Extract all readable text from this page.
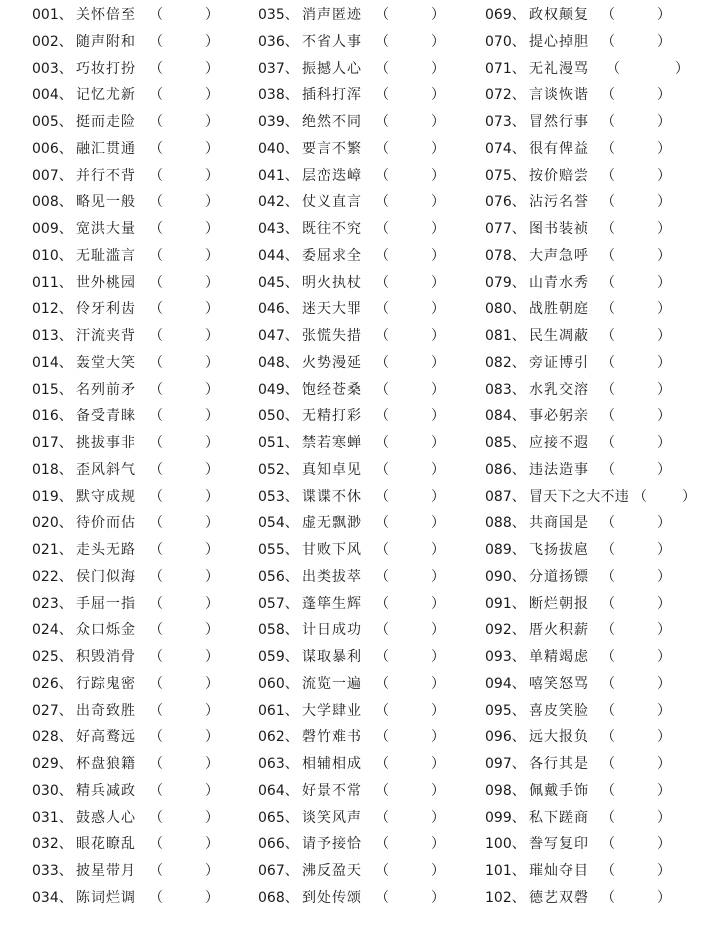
001、 关怀倍至 （	）
002、 随声附和 （	）
003、 巧妆打扮 （	）
004、 记忆尤新 （	）
005、 挺而走险 （	）
006、 融汇贯通 （	）
007、 并行不背 （	）
008、 略见一般 （	）
009、 宽洪大量 （	）
010、 无耻滥言 （	）
011、 世外桃园 （	）
012、 伶牙利齿 （	）
013、 汗流夹背 （	）
014、 轰堂大笑 （	）
015、 名列前矛 （	）
016、 备受青睐 （	）
017、 挑拔事非 （	）
018、 歪风斜气 （	）
019、 默守成规 （	）
020、 待价而估 （	）
021、 走头无路 （	）
022、 侯门似海 （	）
023、 手屈一指 （	）
024、 众口烁金 （	）
025、 积毁消骨 （	）
026、 行踪鬼密 （	）
027、 出奇致胜 （	）
028、 好高鹜远 （	）
029、 杯盘狼籍 （	）
030、 精兵减政 （	）
031、 鼓惑人心 （	）
032、 眼花瞭乱 （	）
033、 披星带月 （	）
034、 陈词烂调 （	）
035、 消声匿迹 （	）
036、 不省人事 （	）
037、 振撼人心 （	）
038、 插科打浑 （	）
039、 绝然不同 （	）
040、 要言不繁 （	）
041、 层峦迭嶂 （	）
042、 仗义直言 （	）
043、 既往不究 （	）
044、 委屈求全 （	）
045、 明火执杖 （	）
046、 迷天大罪 （	）
047、 张慌失措 （	）
048、 火势漫延 （	）
049、 饱经苍桑 （	）
050、 无精打彩 （	）
051、 禁若寒蝉 （	）
052、 真知卓见 （	）
053、 谍谍不休 （	）
054、 虚无飘渺 （	）
055、 甘败下风 （	）
056、 出类拔萃 （	）
057、 蓬筚生辉 （	）
058、 计日成功 （	）
059、 谋取暴利 （	）
060、 流览一遍 （	）
061、 大学肆业 （	）
062、 磬竹难书 （	）
063、 相辅相成 （	）
064、 好景不常 （	）
065、 谈笑风声 （	）
066、 请予接恰 （	）
067、 沸反盈天 （	）
068、 到处传颂 （	）
069、 政权颠复 （	）
070、 提心掉胆 （	）
071、 无礼漫骂 （	）
072、 言谈恢谐 （	）
073、 冒然行事 （	）
074、 很有俾益 （	）
075、 按价赔尝 （	）
076、 沾污名誉 （	）
077、 图书装祯 （	）
078、 大声急呼 （	）
079、 山青水秀 （	）
080、 战胜朝庭 （	）
081、 民生凋蔽 （	）
082、 旁证博引 （	）
083、 水乳交溶 （	）
084、 事必躬亲 （	）
085、 应接不遐 （	）
086、 违法造事 （	）
087、 冒天下之大不违 （	）
088、 共商国是 （	）
089、 飞扬拔扈 （	）
090、 分道扬镖 （	）
091、 断烂朝报 （	）
092、 厝火积薪 （	）
093、 单精竭虑 （	）
094、 嘻笑怒骂 （	）
095、 喜皮笑脸 （	）
096、 远大报负 （	）
097、 各行其是 （	）
098、 佩戴手饰 （	）
099、 私下蹉商 （	）
100、 誊写复印 （	）
101、 璀灿夺目 （	）
102、 德艺双磬 （	）
